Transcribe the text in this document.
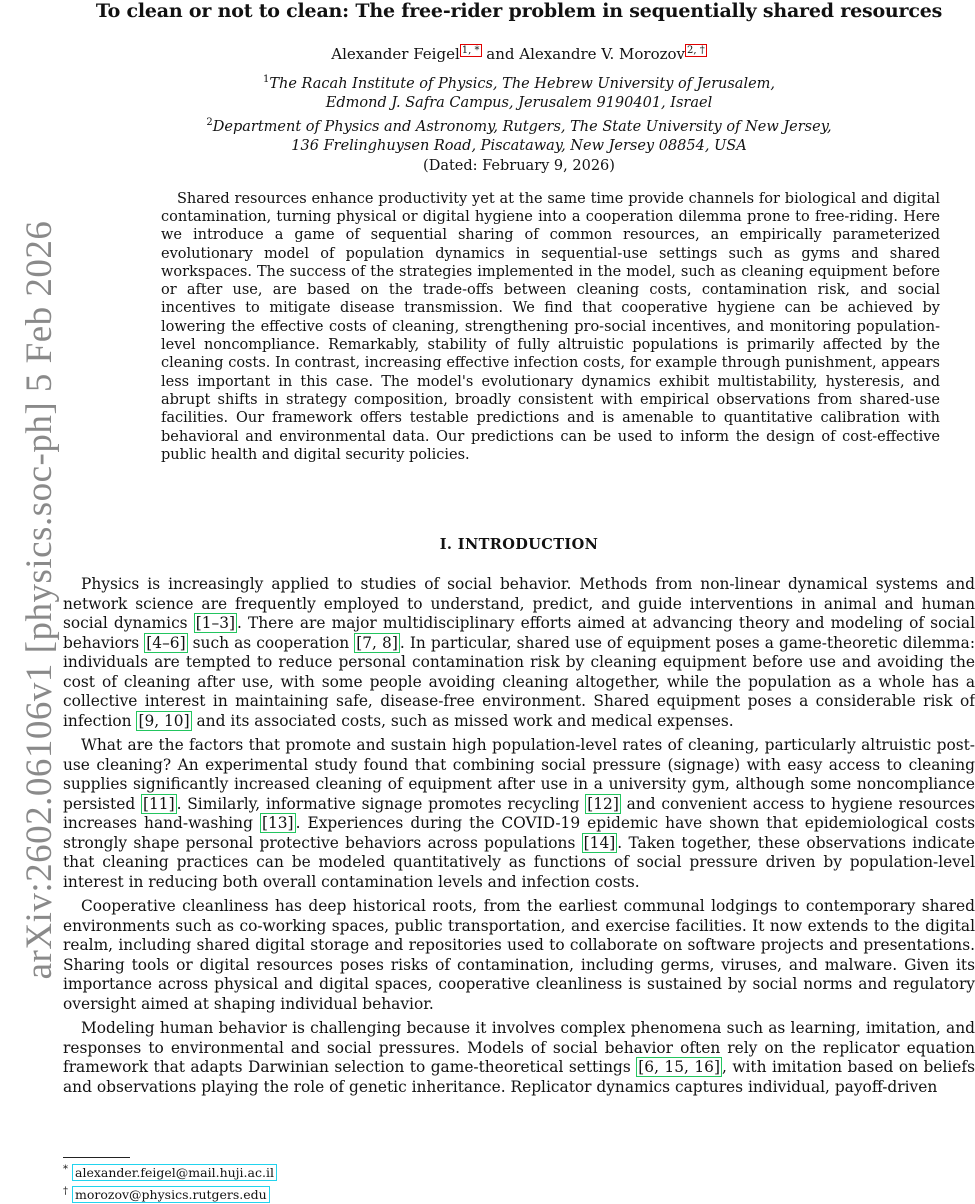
arXiv:2602.06106v1 [physics.soc-ph] 5 Feb 2026
To clean or not to clean: The free-rider problem in sequentially shared resources
Alexander Feigel $^{1, *}$ and Alexandre V. Morozov $^{2, \dagger}$
$^1$The Racah Institute of Physics, The Hebrew University of Jerusalem,
Edmond J. Safra Campus, Jerusalem 9190401, Israel
$^2$Department of Physics and Astronomy, Rutgers, The State University of New Jersey,
136 Frelinghuysen Road, Piscataway, New Jersey 08854, USA
(Dated: February 9, 2026)

Shared resources enhance productivity yet at the same time provide channels for biological and digital contamination, turning physical or digital hygiene into a cooperation dilemma prone to free-riding. Here we introduce a game of sequential sharing of common resources, an empirically parameterized evolutionary model of population dynamics in sequential-use settings such as gyms and shared workspaces. The success of the strategies implemented in the model, such as cleaning equipment before or after use, are based on the trade-offs between cleaning costs, contamination risk, and social incentives to mitigate disease transmission. We find that cooperative hygiene can be achieved by lowering the effective costs of cleaning, strengthening pro-social incentives, and monitoring population-level noncompliance. Remarkably, stability of fully altruistic populations is primarily affected by the cleaning costs. In contrast, increasing effective infection costs, for example through punishment, appears less important in this case. The model's evolutionary dynamics exhibit multistability, hysteresis, and abrupt shifts in strategy composition, broadly consistent with empirical observations from shared-use facilities. Our framework offers testable predictions and is amenable to quantitative calibration with behavioral and environmental data. Our predictions can be used to inform the design of cost-effective public health and digital security policies.

I. INTRODUCTION

Physics is increasingly applied to studies of social behavior. Methods from non-linear dynamical systems and network science are frequently employed to understand, predict, and guide interventions in animal and human social dynamics [1–3] . There are major multidisciplinary efforts aimed at advancing theory and modeling of social behaviors [4–6] such as cooperation [7, 8] . In particular, shared use of equipment poses a game-theoretic dilemma: individuals are tempted to reduce personal contamination risk by cleaning equipment before use and avoiding the cost of cleaning after use, with some people avoiding cleaning altogether, while the population as a whole has a collective interest in maintaining safe, disease-free environment. Shared equipment poses a considerable risk of infection [9, 10] and its associated costs, such as missed work and medical expenses.

What are the factors that promote and sustain high population-level rates of cleaning, particularly altruistic post-use cleaning? An experimental study found that combining social pressure (signage) with easy access to cleaning supplies significantly increased cleaning of equipment after use in a university gym, although some noncompliance persisted [11] . Similarly, informative signage promotes recycling [12] and convenient access to hygiene resources increases hand-washing [13] . Experiences during the COVID-19 epidemic have shown that epidemiological costs strongly shape personal protective behaviors across populations [14] . Taken together, these observations indicate that cleaning practices can be modeled quantitatively as functions of social pressure driven by population-level interest in reducing both overall contamination levels and infection costs.

Cooperative cleanliness has deep historical roots, from the earliest communal lodgings to contemporary shared environments such as co-working spaces, public transportation, and exercise facilities. It now extends to the digital realm, including shared digital storage and repositories used to collaborate on software projects and presentations. Sharing tools or digital resources poses risks of contamination, including germs, viruses, and malware. Given its importance across physical and digital spaces, cooperative cleanliness is sustained by social norms and regulatory oversight aimed at shaping individual behavior.

Modeling human behavior is challenging because it involves complex phenomena such as learning, imitation, and responses to environmental and social pressures. Models of social behavior often rely on the replicator equation framework that adapts Darwinian selection to game-theoretical settings [6, 15, 16] , with imitation based on beliefs and observations playing the role of genetic inheritance. Replicator dynamics captures individual, payoff-driven

* alexander.feigel@mail.huji.ac.il
† morozov@physics.rutgers.edu
